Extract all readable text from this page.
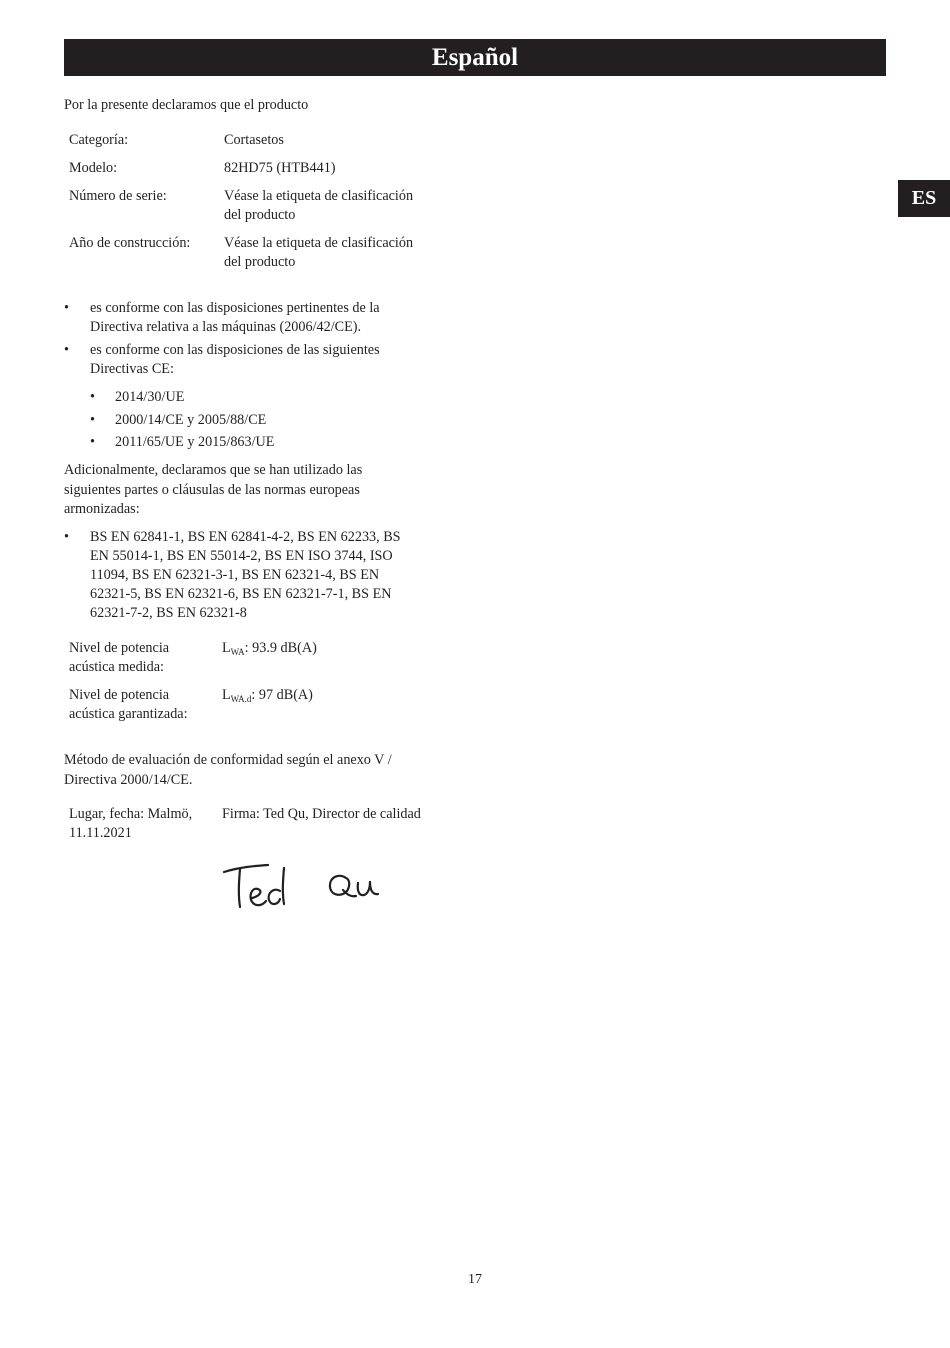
Español
ES
Por la presente declaramos que el producto
Categoría:	Cortasetos
Modelo:	82HD75 (HTB441)
Número de serie:	Véase la etiqueta de clasificación
del producto
Año de construcción: Véase la etiqueta de clasificación
del producto
• es conforme con las disposiciones pertinentes de la
Directiva relativa a las máquinas (2006/42/CE).
• es conforme con las disposiciones de las siguientes
Directivas CE:
• 2014/30/UE
• 2000/14/CE y 2005/88/CE
• 2011/65/UE y 2015/863/UE
Adicionalmente, declaramos que se han utilizado las
siguientes partes o cláusulas de las normas europeas
armonizadas:
• BS EN 62841-1, BS EN 62841-4-2, BS EN 62233, BS
EN 55014-1, BS EN 55014-2, BS EN ISO 3744, ISO
11094, BS EN 62321-3-1, BS EN 62321-4, BS EN
62321-5, BS EN 62321-6, BS EN 62321-7-1, BS EN
62321-7-2, BS EN 62321-8
Nivel de potencia
acústica medida:
$L_{WA}$: 93.9 dB(A)
Nivel de potencia
acústica garantizada:
$L_{WA.d}$: 97 dB(A)
Método de evaluación de conformidad según el anexo V /
Directiva 2000/14/CE.
Lugar, fecha: Malmö,
11.11.2021
Firma: Ted Qu, Director de calidad
17
